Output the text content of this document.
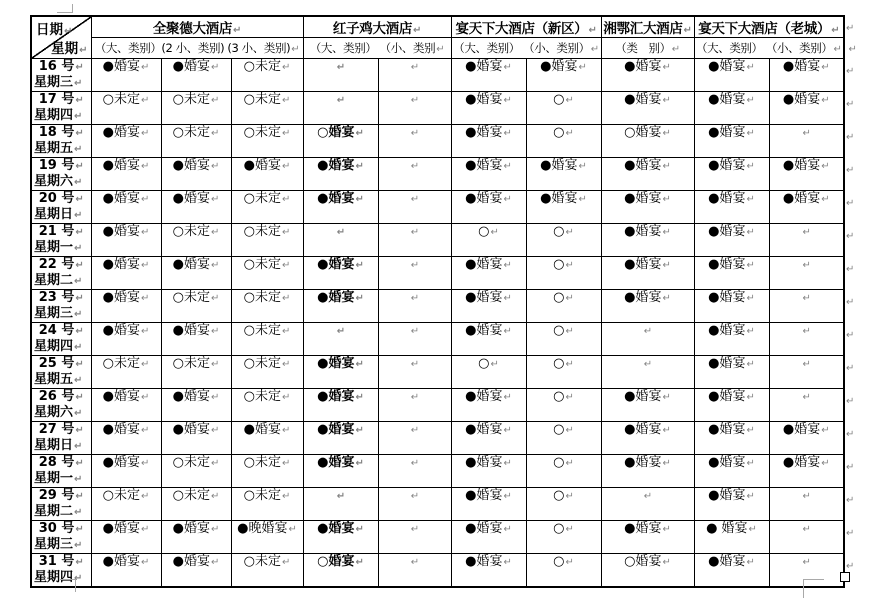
日期↵
星期↵	全聚德大酒店↵			红子鸡大酒店↵		宴天下大酒店（新区）↵		湘鄂汇大酒店↵	宴天下大酒店（老城）↵		↵
	（大、类别）(2 小、类别) (3 小、类别)↵			（大、类别） （小、类别↵		（大、类别） （小、类别）↵		（类　别）↵	（大、类别） （小、类别）↵		↵

16 号↵
星期三↵	●婚宴↵	●婚宴↵	○未定↵	↵	↵	●婚宴↵	●婚宴↵	●婚宴↵	●婚宴↵	●婚宴↵	↵

17 号↵
星期四↵	○未定↵	○未定↵	○未定↵	↵	↵	●婚宴↵	○↵	●婚宴↵	●婚宴↵	●婚宴↵	↵

18 号↵
星期五↵	●婚宴↵	○未定↵	○未定↵	○婚宴↵	↵	●婚宴↵	○↵	○婚宴↵	●婚宴↵	↵	↵

19 号↵
星期六↵	●婚宴↵	●婚宴↵	●婚宴↵	●婚宴↵	↵	●婚宴↵	●婚宴↵	●婚宴↵	●婚宴↵	●婚宴↵	↵

20 号↵
星期日↵	●婚宴↵	●婚宴↵	○未定↵	●婚宴↵	↵	●婚宴↵	●婚宴↵	●婚宴↵	●婚宴↵	●婚宴↵	↵

21 号↵
星期一↵	●婚宴↵	○未定↵	○未定↵	↵	↵	○↵	○↵	●婚宴↵	●婚宴↵	↵	↵

22 号↵
星期二↵	●婚宴↵	●婚宴↵	○未定↵	●婚宴↵	↵	●婚宴↵	○↵	●婚宴↵	●婚宴↵	↵	↵

23 号↵
星期三↵	●婚宴↵	○未定↵	○未定↵	●婚宴↵	↵	●婚宴↵	○↵	●婚宴↵	●婚宴↵	↵	↵

24 号↵
星期四↵	●婚宴↵	●婚宴↵	○未定↵	↵	↵	●婚宴↵	○↵	↵	●婚宴↵	↵	↵

25 号↵
星期五↵	○未定↵	○未定↵	○未定↵	●婚宴↵	↵	○↵	○↵	↵	●婚宴↵	↵	↵

26 号↵
星期六↵	●婚宴↵	●婚宴↵	○未定↵	●婚宴↵	↵	●婚宴↵	○↵	●婚宴↵	●婚宴↵	↵	↵

27 号↵
星期日↵	●婚宴↵	●婚宴↵	●婚宴↵	●婚宴↵	↵	●婚宴↵	○↵	●婚宴↵	●婚宴↵	●婚宴↵	↵

28 号↵
星期一↵	●婚宴↵	○未定↵	○未定↵	●婚宴↵	↵	●婚宴↵	○↵	●婚宴↵	●婚宴↵	●婚宴↵	↵

29 号↵
星期二↵	○未定↵	○未定↵	○未定↵	↵	↵	●婚宴↵	○↵	↵	●婚宴↵	↵	↵

30 号↵
星期三↵	●婚宴↵	●婚宴↵	●晚婚宴↵	●婚宴↵	↵	●婚宴↵	○↵	●婚宴↵	● 婚宴↵	↵	↵

31 号↵
星期四↵	●婚宴↵	●婚宴↵	○未定↵	○婚宴↵	↵	●婚宴↵	○↵	○婚宴↵	●婚宴↵	↵	↵
